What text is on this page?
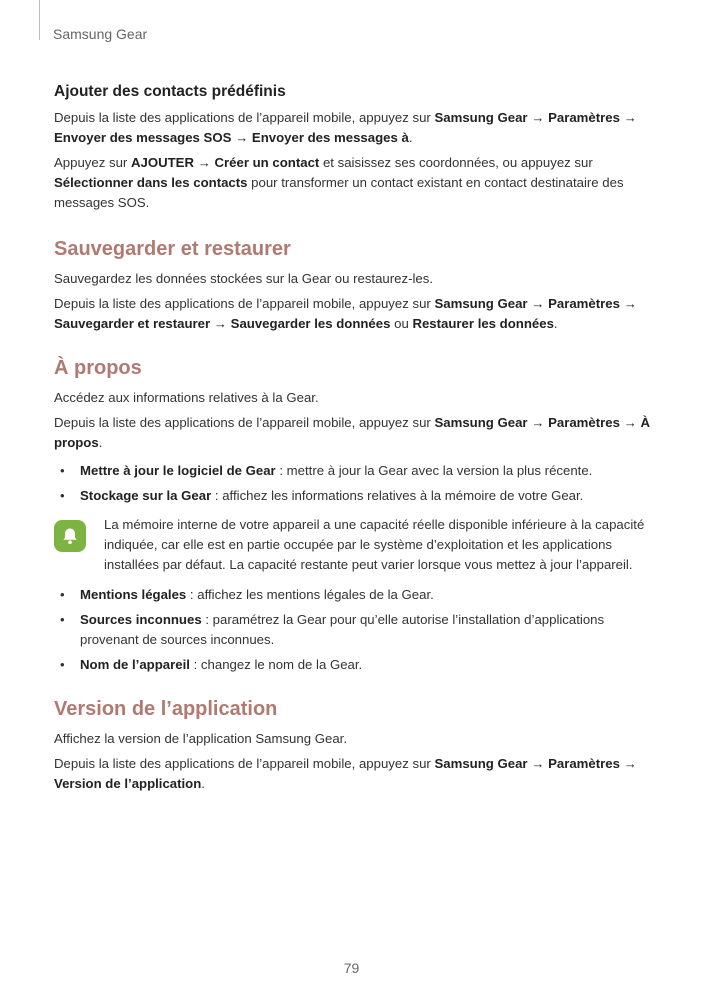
Samsung Gear
Ajouter des contacts prédéfinis

Depuis la liste des applications de l’appareil mobile, appuyez sur Samsung Gear → Paramètres → Envoyer des messages SOS → Envoyer des messages à.

Appuyez sur AJOUTER → Créer un contact et saisissez ses coordonnées, ou appuyez sur Sélectionner dans les contacts pour transformer un contact existant en contact destinataire des messages SOS.

Sauvegarder et restaurer

Sauvegardez les données stockées sur la Gear ou restaurez-les.

Depuis la liste des applications de l’appareil mobile, appuyez sur Samsung Gear → Paramètres → Sauvegarder et restaurer → Sauvegarder les données ou Restaurer les données.

À propos

Accédez aux informations relatives à la Gear.

Depuis la liste des applications de l’appareil mobile, appuyez sur Samsung Gear → Paramètres → À propos.

• Mettre à jour le logiciel de Gear : mettre à jour la Gear avec la version la plus récente.
• Stockage sur la Gear : affichez les informations relatives à la mémoire de votre Gear.
La mémoire interne de votre appareil a une capacité réelle disponible inférieure à la capacité indiquée, car elle est en partie occupée par le système d’exploitation et les applications installées par défaut. La capacité restante peut varier lorsque vous mettez à jour l’appareil.
• Mentions légales : affichez les mentions légales de la Gear.
• Sources inconnues : paramétrez la Gear pour qu’elle autorise l’installation d’applications provenant de sources inconnues.
• Nom de l’appareil : changez le nom de la Gear.
Version de l’application

Affichez la version de l’application Samsung Gear.

Depuis la liste des applications de l’appareil mobile, appuyez sur Samsung Gear → Paramètres → Version de l’application.

79
